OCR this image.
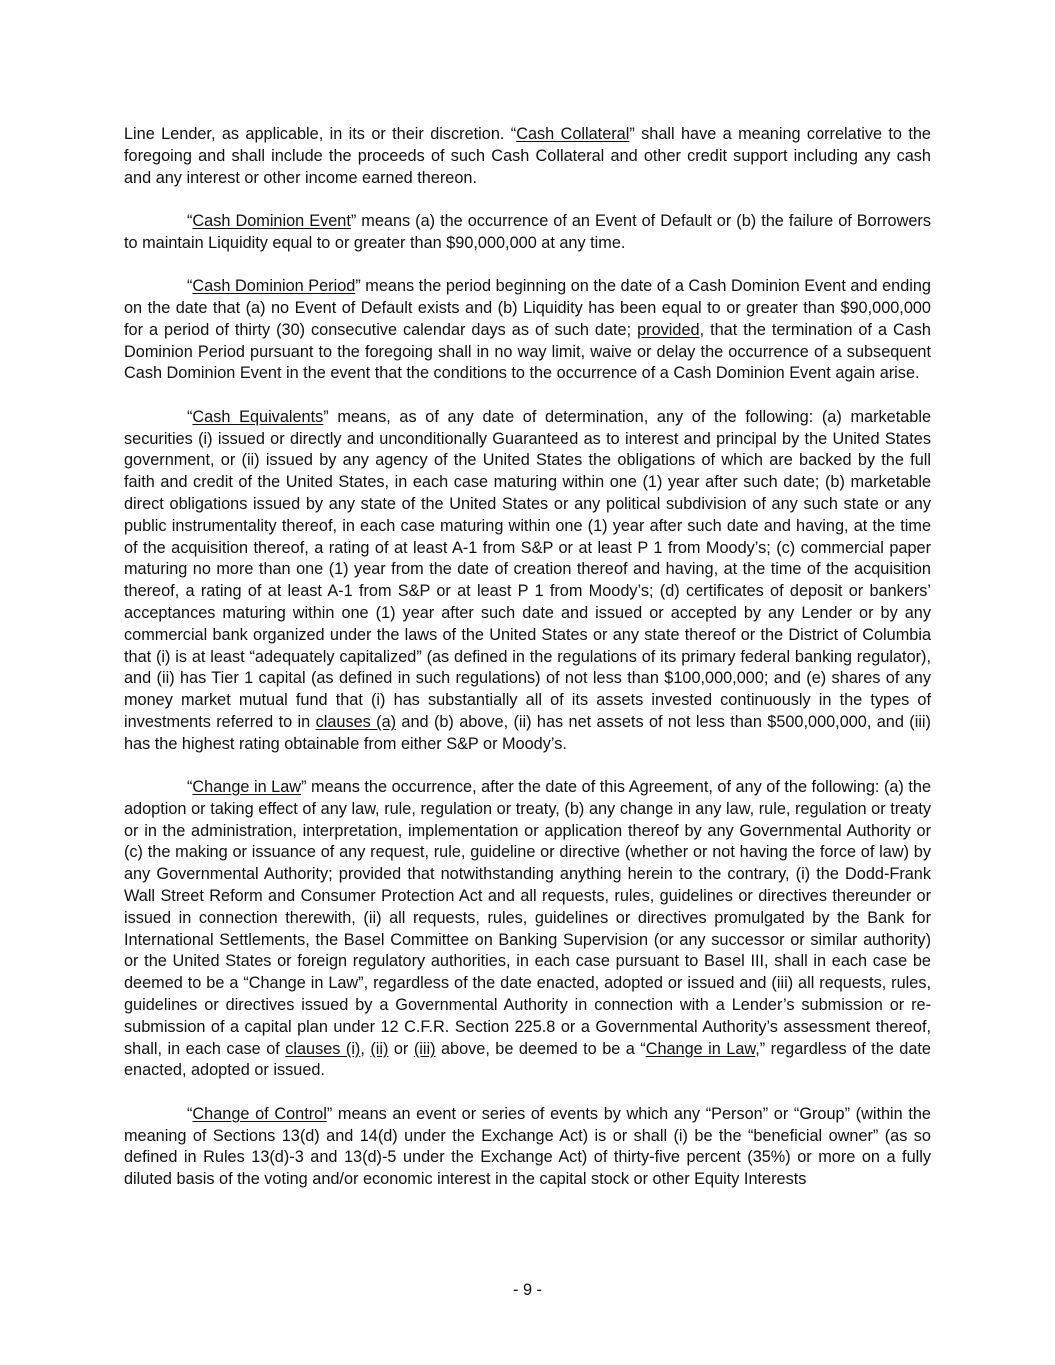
Line Lender, as applicable, in its or their discretion. “Cash Collateral” shall have a meaning correlative to the foregoing and shall include the proceeds of such Cash Collateral and other credit support including any cash and any interest or other income earned thereon.

“Cash Dominion Event” means (a) the occurrence of an Event of Default or (b) the failure of Borrowers to maintain Liquidity equal to or greater than $90,000,000 at any time.

“Cash Dominion Period” means the period beginning on the date of a Cash Dominion Event and ending on the date that (a) no Event of Default exists and (b) Liquidity has been equal to or greater than $90,000,000 for a period of thirty (30) consecutive calendar days as of such date; provided, that the termination of a Cash Dominion Period pursuant to the foregoing shall in no way limit, waive or delay the occurrence of a subsequent Cash Dominion Event in the event that the conditions to the occurrence of a Cash Dominion Event again arise.

“Cash Equivalents” means, as of any date of determination, any of the following: (a) marketable securities (i) issued or directly and unconditionally Guaranteed as to interest and principal by the United States government, or (ii) issued by any agency of the United States the obligations of which are backed by the full faith and credit of the United States, in each case maturing within one (1) year after such date; (b) marketable direct obligations issued by any state of the United States or any political subdivision of any such state or any public instrumentality thereof, in each case maturing within one (1) year after such date and having, at the time of the acquisition thereof, a rating of at least A-1 from S&P or at least P 1 from Moody’s; (c) commercial paper maturing no more than one (1) year from the date of creation thereof and having, at the time of the acquisition thereof, a rating of at least A-1 from S&P or at least P 1 from Moody’s; (d) certificates of deposit or bankers’ acceptances maturing within one (1) year after such date and issued or accepted by any Lender or by any commercial bank organized under the laws of the United States or any state thereof or the District of Columbia that (i) is at least “adequately capitalized” (as defined in the regulations of its primary federal banking regulator), and (ii) has Tier 1 capital (as defined in such regulations) of not less than $100,000,000; and (e) shares of any money market mutual fund that (i) has substantially all of its assets invested continuously in the types of investments referred to in clauses (a) and (b) above, (ii) has net assets of not less than $500,000,000, and (iii) has the highest rating obtainable from either S&P or Moody’s.

“Change in Law” means the occurrence, after the date of this Agreement, of any of the following: (a) the adoption or taking effect of any law, rule, regulation or treaty, (b) any change in any law, rule, regulation or treaty or in the administration, interpretation, implementation or application thereof by any Governmental Authority or (c) the making or issuance of any request, rule, guideline or directive (whether or not having the force of law) by any Governmental Authority; provided that notwithstanding anything herein to the contrary, (i) the Dodd-Frank Wall Street Reform and Consumer Protection Act and all requests, rules, guidelines or directives thereunder or issued in connection therewith, (ii) all requests, rules, guidelines or directives promulgated by the Bank for International Settlements, the Basel Committee on Banking Supervision (or any successor or similar authority) or the United States or foreign regulatory authorities, in each case pursuant to Basel III, shall in each case be deemed to be a “Change in Law”, regardless of the date enacted, adopted or issued and (iii) all requests, rules, guidelines or directives issued by a Governmental Authority in connection with a Lender’s submission or re-submission of a capital plan under 12 C.F.R. Section 225.8 or a Governmental Authority’s assessment thereof, shall, in each case of clauses (i), (ii) or (iii) above, be deemed to be a “Change in Law,” regardless of the date enacted, adopted or issued.

“Change of Control” means an event or series of events by which any “Person” or “Group” (within the meaning of Sections 13(d) and 14(d) under the Exchange Act) is or shall (i) be the “beneficial owner” (as so defined in Rules 13(d)-3 and 13(d)-5 under the Exchange Act) of thirty-five percent (35%) or more on a fully diluted basis of the voting and/or economic interest in the capital stock or other Equity Interests

- 9 -
